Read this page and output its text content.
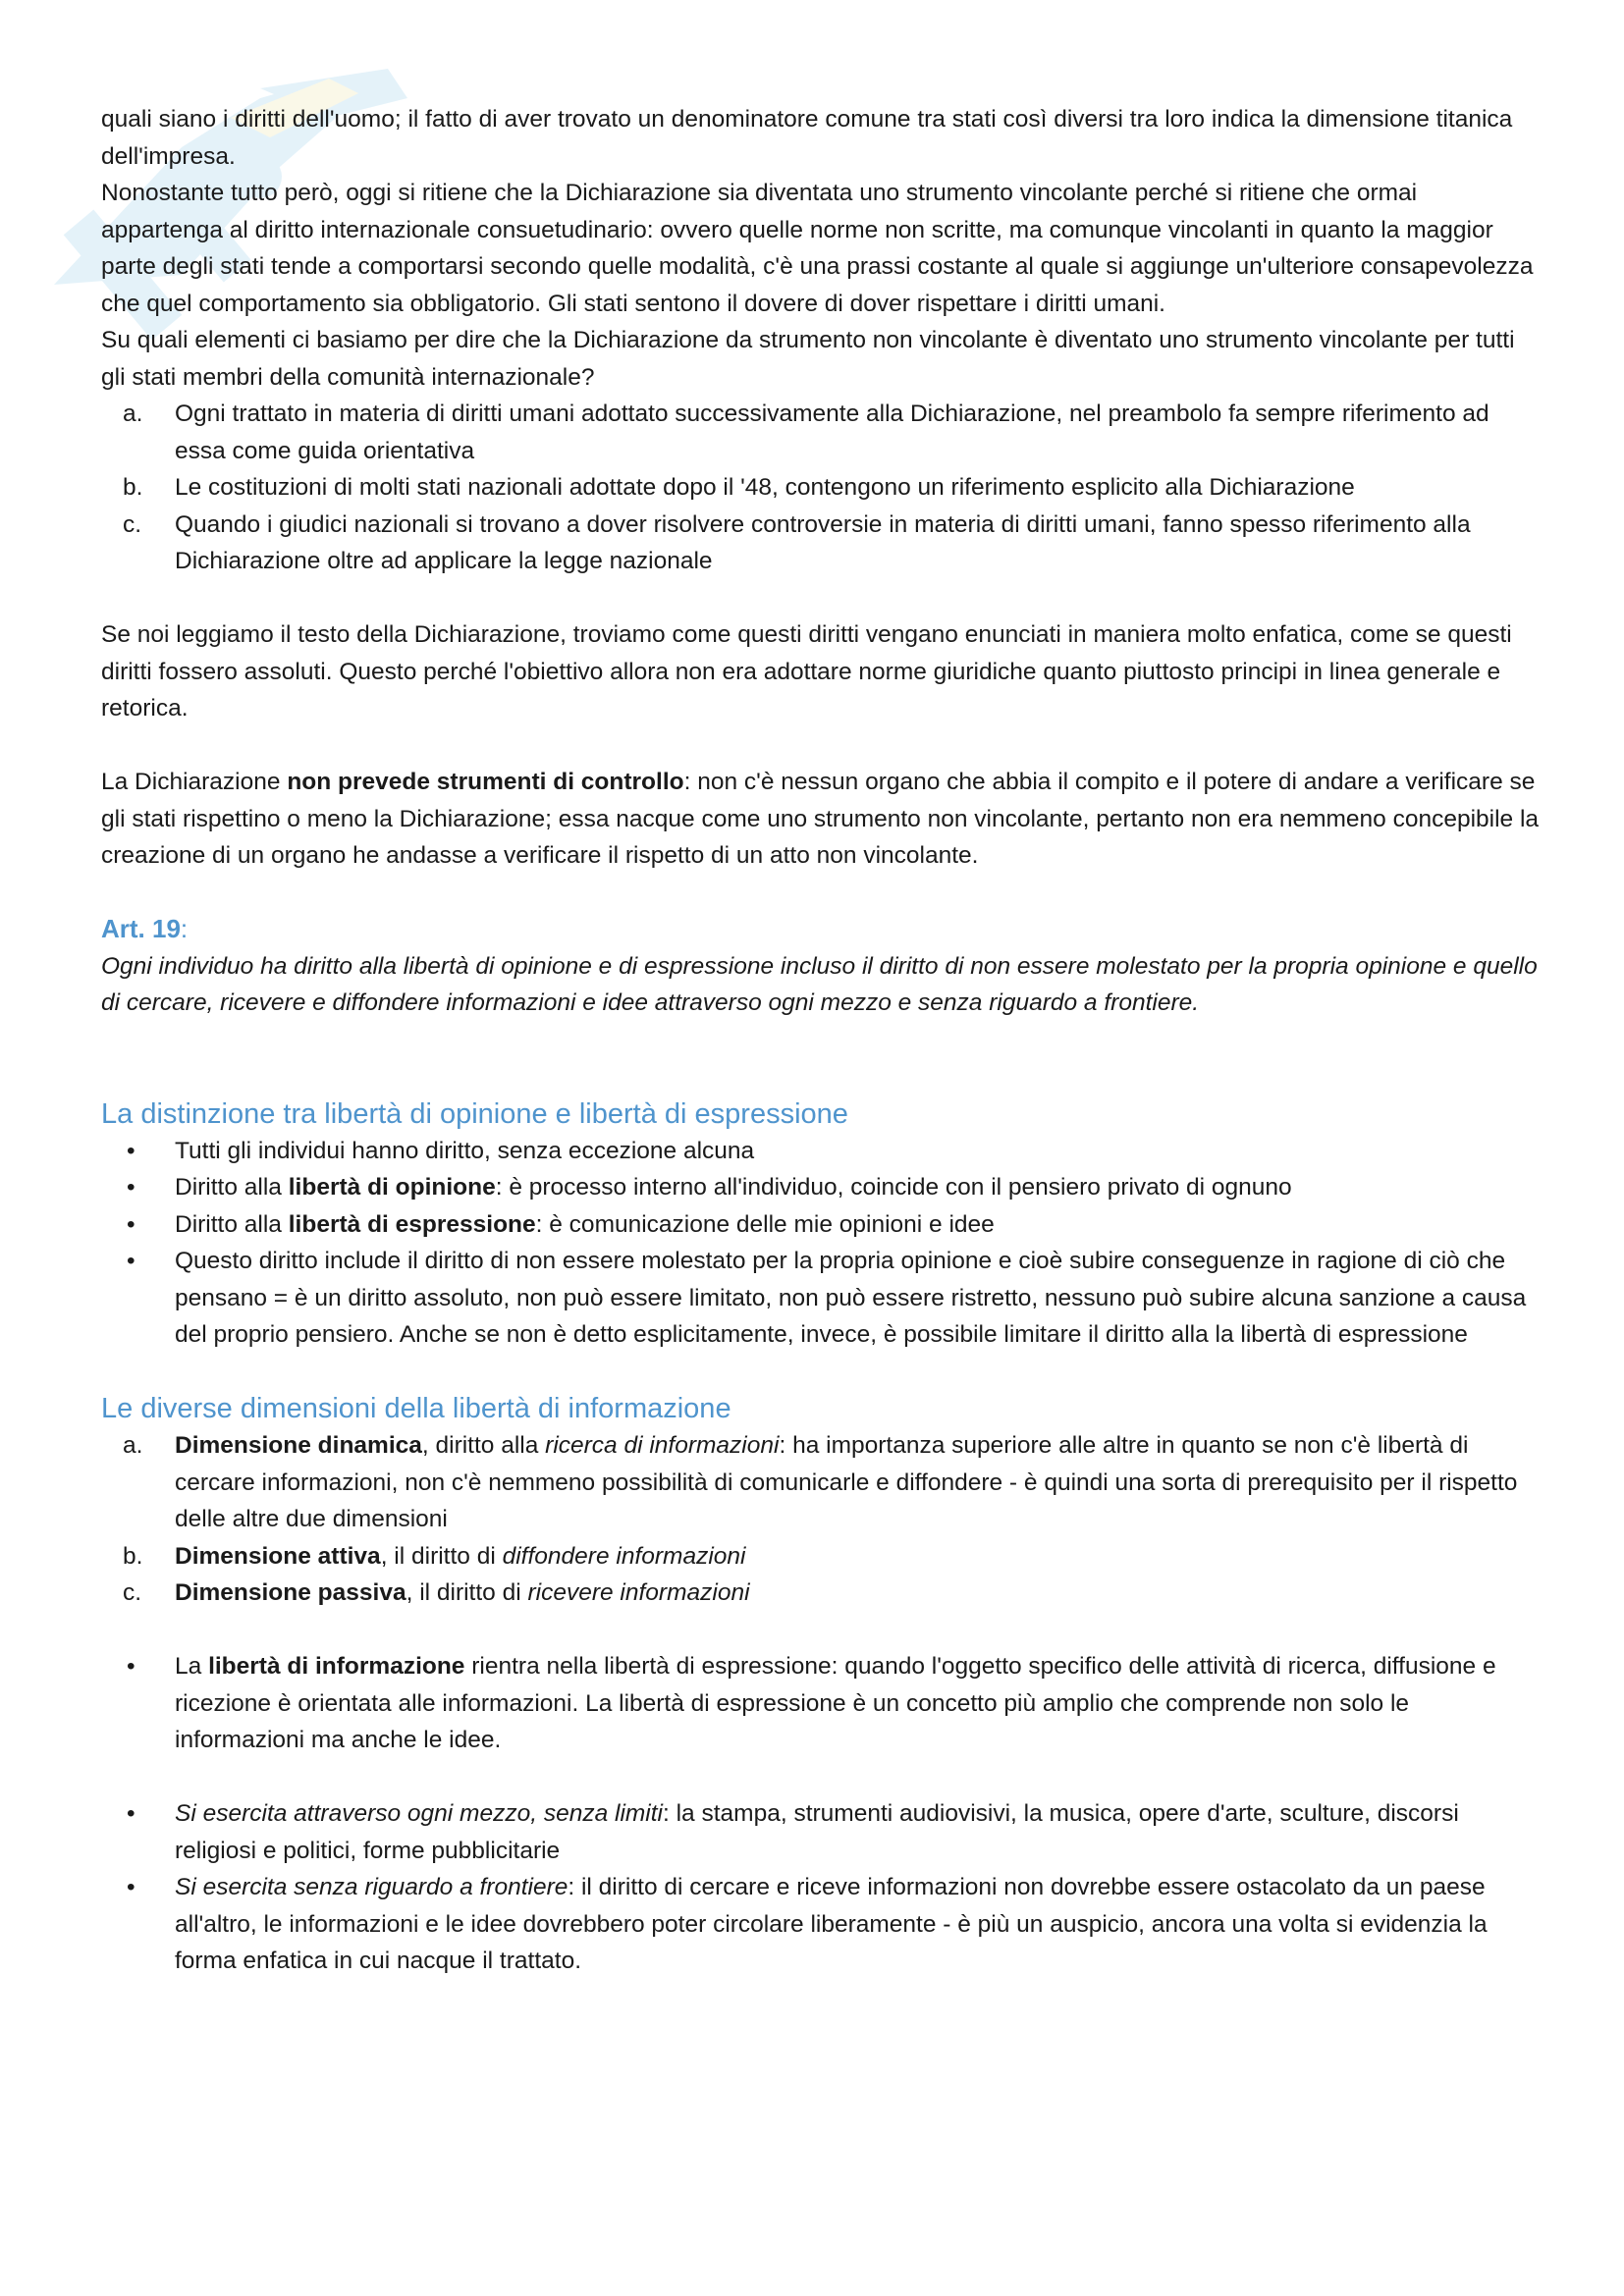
quali siano i diritti dell'uomo; il fatto di aver trovato un denominatore comune tra stati così diversi tra loro indica la dimensione titanica dell'impresa.

Nonostante tutto però, oggi si ritiene che la Dichiarazione sia diventata uno strumento vincolante perché si ritiene che ormai appartenga al diritto internazionale consuetudinario: ovvero quelle norme non scritte, ma comunque vincolanti in quanto la maggior parte degli stati tende a comportarsi secondo quelle modalità, c'è una prassi costante al quale si aggiunge un'ulteriore consapevolezza che quel comportamento sia obbligatorio. Gli stati sentono il dovere di dover rispettare i diritti umani.

Su quali elementi ci basiamo per dire che la Dichiarazione da strumento non vincolante è diventato uno strumento vincolante per tutti gli stati membri della comunità internazionale?

a. Ogni trattato in materia di diritti umani adottato successivamente alla Dichiarazione, nel preambolo fa sempre riferimento ad essa come guida orientativa
b. Le costituzioni di molti stati nazionali adottate dopo il '48, contengono un riferimento esplicito alla Dichiarazione
c. Quando i giudici nazionali si trovano a dover risolvere controversie in materia di diritti umani, fanno spesso riferimento alla Dichiarazione oltre ad applicare la legge nazionale

Se noi leggiamo il testo della Dichiarazione, troviamo come questi diritti vengano enunciati in maniera molto enfatica, come se questi diritti fossero assoluti. Questo perché l'obiettivo allora non era adottare norme giuridiche quanto piuttosto principi in linea generale e retorica.

La Dichiarazione non prevede strumenti di controllo: non c'è nessun organo che abbia il compito e il potere di andare a verificare se gli stati rispettino o meno la Dichiarazione; essa nacque come uno strumento non vincolante, pertanto non era nemmeno concepibile la creazione di un organo he andasse a verificare il rispetto di un atto non vincolante.

Art. 19:

Ogni individuo ha diritto alla libertà di opinione e di espressione incluso il diritto di non essere molestato per la propria opinione e quello di cercare, ricevere e diffondere informazioni e idee attraverso ogni mezzo e senza riguardo a frontiere.

La distinzione tra libertà di opinione e libertà di espressione

• Tutti gli individui hanno diritto, senza eccezione alcuna
• Diritto alla libertà di opinione: è processo interno all'individuo, coincide con il pensiero privato di ognuno
• Diritto alla libertà di espressione: è comunicazione delle mie opinioni e idee
• Questo diritto include il diritto di non essere molestato per la propria opinione e cioè subire conseguenze in ragione di ciò che pensano = è un diritto assoluto, non può essere limitato, non può essere ristretto, nessuno può subire alcuna sanzione a causa del proprio pensiero. Anche se non è detto esplicitamente, invece, è possibile limitare il diritto alla la libertà di espressione

Le diverse dimensioni della libertà di informazione

a. Dimensione dinamica, diritto alla ricerca di informazioni: ha importanza superiore alle altre in quanto se non c'è libertà di cercare informazioni, non c'è nemmeno possibilità di comunicarle e diffondere - è quindi una sorta di prerequisito per il rispetto delle altre due dimensioni
b. Dimensione attiva, il diritto di diffondere informazioni
c. Dimensione passiva, il diritto di ricevere informazioni
• La libertà di informazione rientra nella libertà di espressione: quando l'oggetto specifico delle attività di ricerca, diffusione e ricezione è orientata alle informazioni. La libertà di espressione è un concetto più amplio che comprende non solo le informazioni ma anche le idee.
• Si esercita attraverso ogni mezzo, senza limiti: la stampa, strumenti audiovisivi, la musica, opere d'arte, sculture, discorsi religiosi e politici, forme pubblicitarie
• Si esercita senza riguardo a frontiere: il diritto di cercare e riceve informazioni non dovrebbe essere ostacolato da un paese all'altro, le informazioni e le idee dovrebbero poter circolare liberamente - è più un auspicio, ancora una volta si evidenzia la forma enfatica in cui nacque il trattato.
